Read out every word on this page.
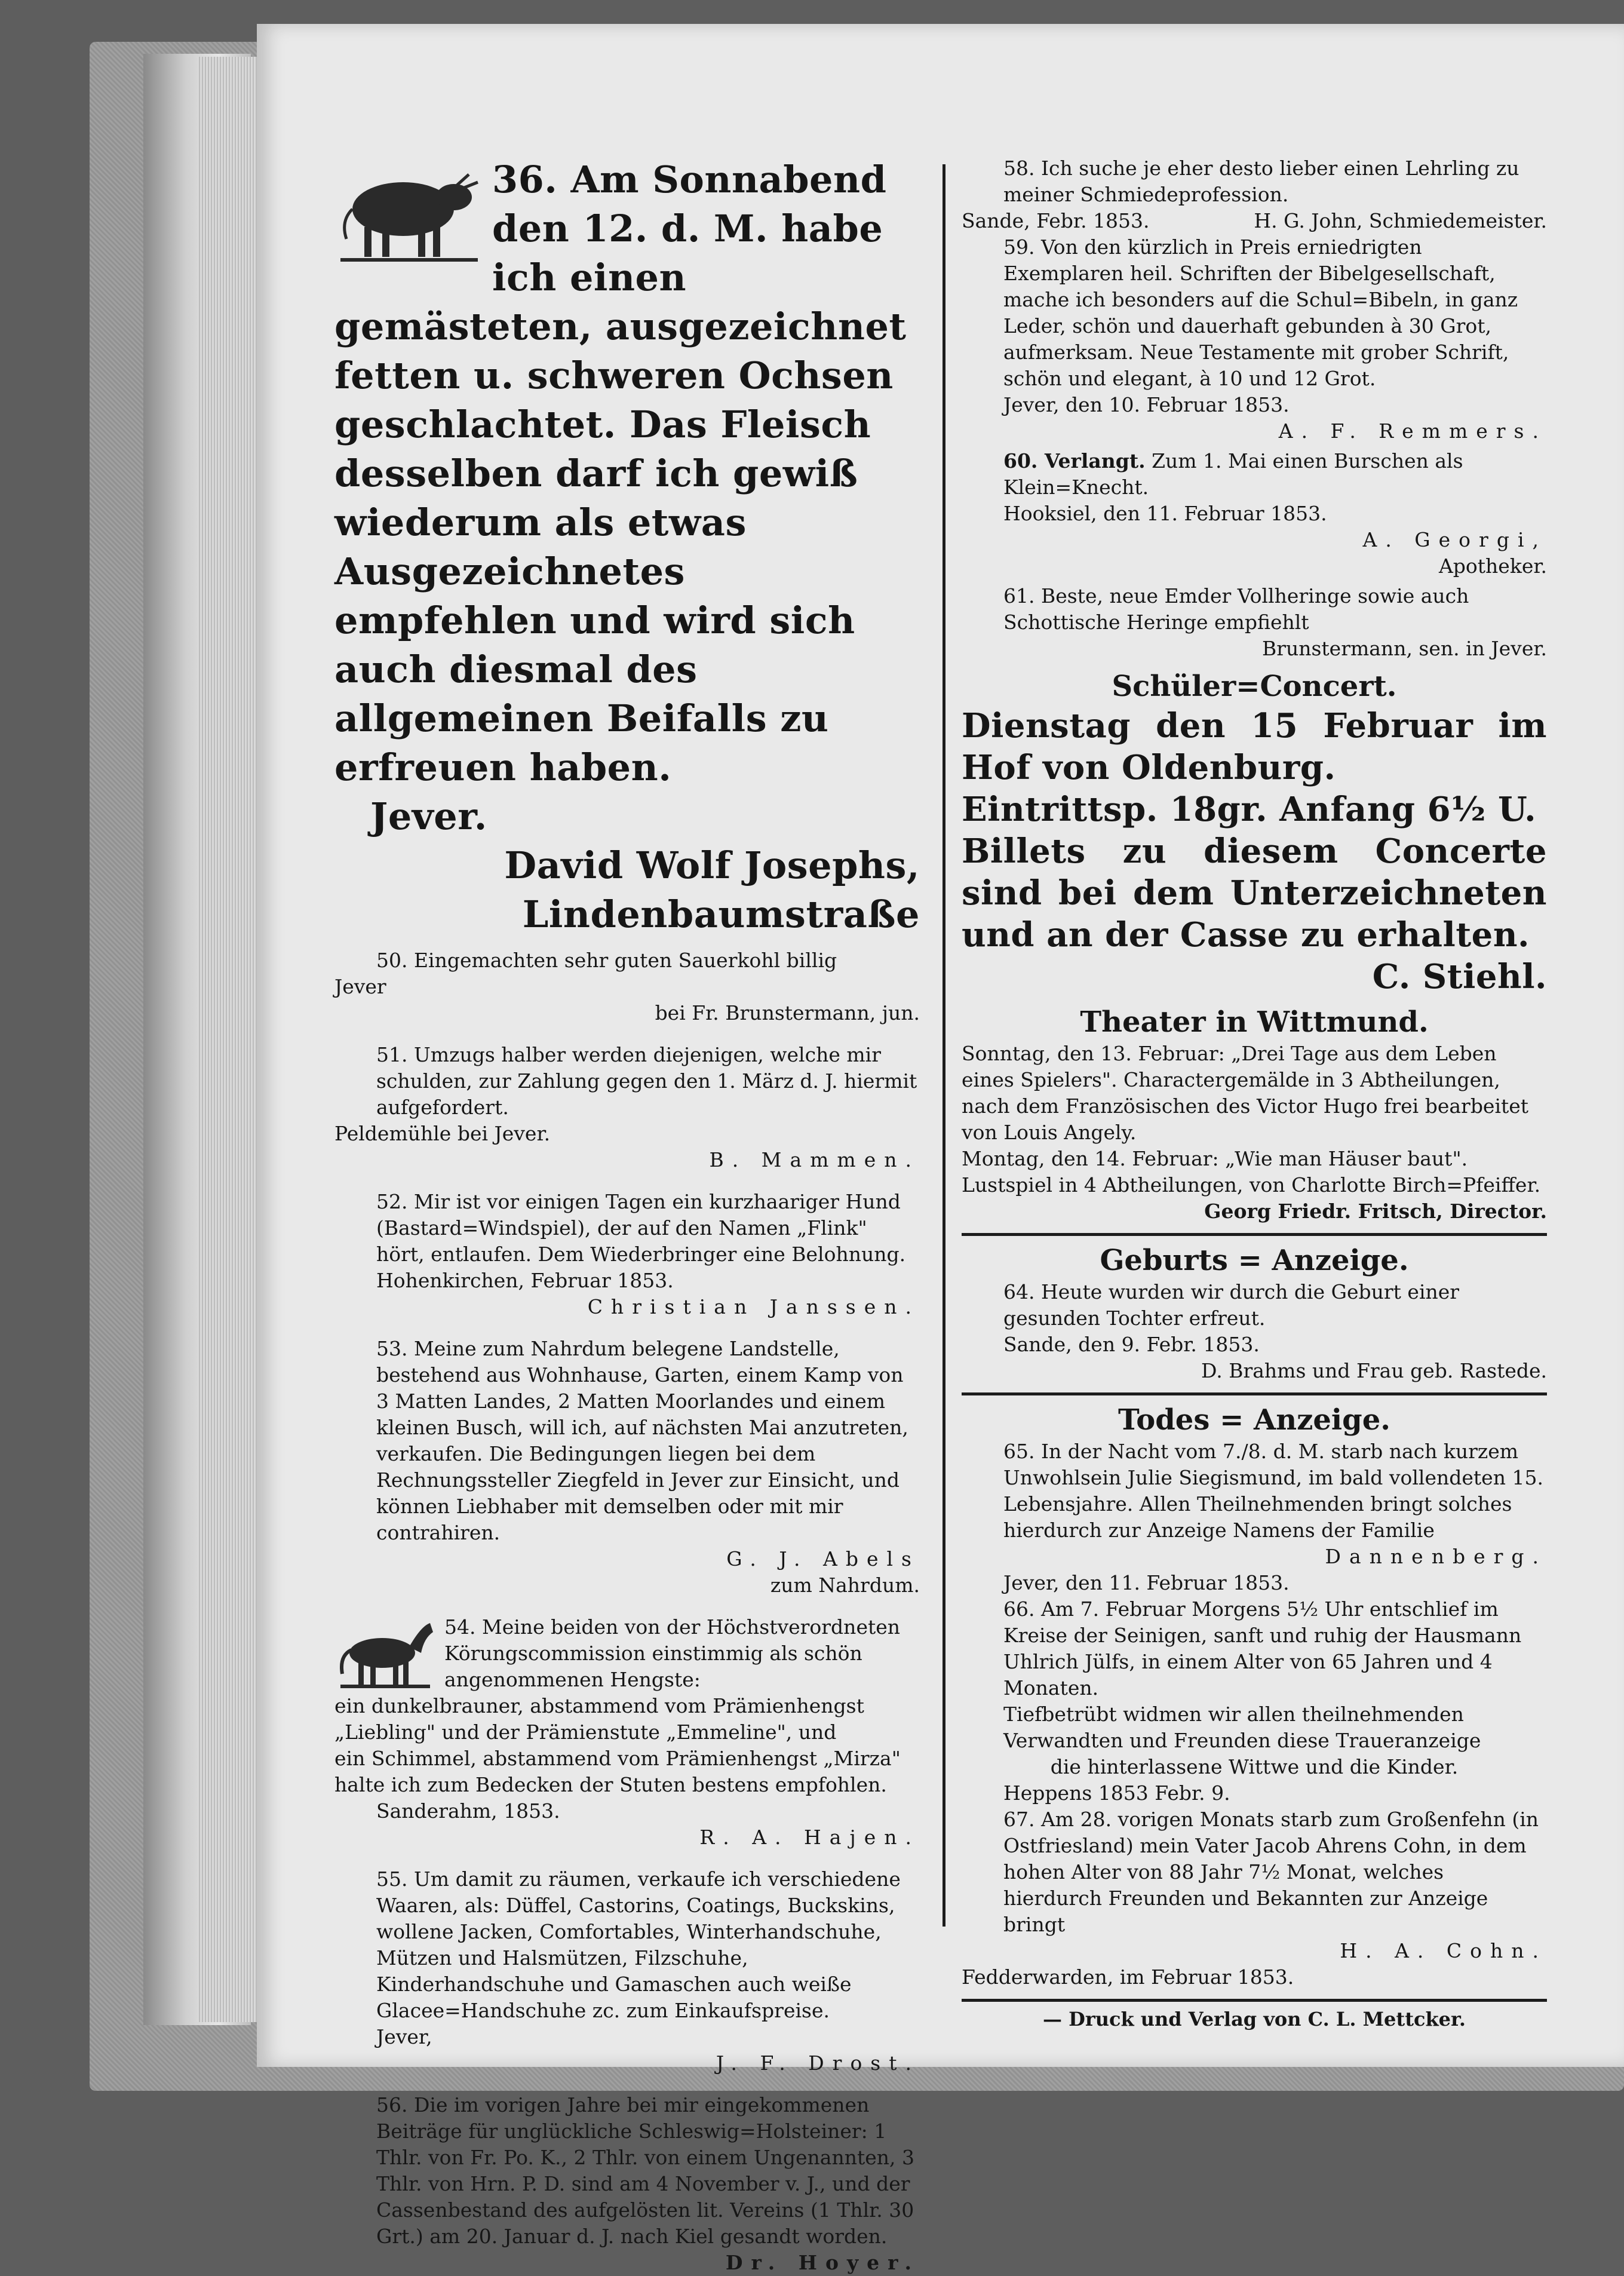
36. Am Sonnabend den 12. d. M. habe ich einen gemästeten, ausgezeichnet fetten u. schweren Ochsen geschlachtet. Das Fleisch desselben darf ich gewiß wiederum als etwas Ausgezeichnetes empfehlen und wird sich auch diesmal des allgemeinen Beifalls zu erfreuen haben.

Jever.

David Wolf Josephs,

Lindenbaumstraße

50. Eingemachten sehr guten Sauerkohl billig

Jever

bei Fr. Brunstermann, jun.

51. Umzugs halber werden diejenigen, welche mir schulden, zur Zahlung gegen den 1. März d. J. hiermit aufgefordert.

Peldemühle bei Jever.

B. Mammen.

52. Mir ist vor einigen Tagen ein kurzhaariger Hund (Bastard=Windspiel), der auf den Namen „Flink" hört, entlaufen. Dem Wiederbringer eine Belohnung.

Hohenkirchen, Februar 1853.

Christian Janssen.

53. Meine zum Nahrdum belegene Landstelle, bestehend aus Wohnhause, Garten, einem Kamp von 3 Matten Landes, 2 Matten Moorlandes und einem kleinen Busch, will ich, auf nächsten Mai anzutreten, verkaufen. Die Bedingungen liegen bei dem Rechnungssteller Ziegfeld in Jever zur Einsicht, und können Liebhaber mit demselben oder mit mir contrahiren.

G. J. Abels

zum Nahrdum.

54. Meine beiden von der Höchstverordneten Körungscommission einstimmig als schön angenommenen Hengste:

ein dunkelbrauner, abstammend vom Prämienhengst „Liebling" und der Prämienstute „Emmeline", und

ein Schimmel, abstammend vom Prämienhengst „Mirza"

halte ich zum Bedecken der Stuten bestens empfohlen.

Sanderahm, 1853.

R. A. Hajen.

55. Um damit zu räumen, verkaufe ich verschiedene Waaren, als: Düffel, Castorins, Coatings, Buckskins, wollene Jacken, Comfortables, Winterhandschuhe, Mützen und Halsmützen, Filzschuhe, Kinderhandschuhe und Gamaschen auch weiße Glacee=Handschuhe zc. zum Einkaufspreise.

Jever,

J. F. Drost.

56. Die im vorigen Jahre bei mir eingekommenen Beiträge für unglückliche Schleswig=Holsteiner: 1 Thlr. von Fr. Po. K., 2 Thlr. von einem Ungenannten, 3 Thlr. von Hrn. P. D. sind am 4 November v. J., und der Cassenbestand des aufgelösten lit. Vereins (1 Thlr. 30 Grt.) am 20. Januar d. J. nach Kiel gesandt worden.

Dr. Hoyer.

58. Ich suche je eher desto lieber einen Lehrling zu meiner Schmiedeprofession.

Sande, Febr. 1853.	H. G. John, Schmiedemeister.

59. Von den kürzlich in Preis erniedrigten Exemplaren heil. Schriften der Bibelgesellschaft, mache ich besonders auf die Schul=Bibeln, in ganz Leder, schön und dauerhaft gebunden à 30 Grot, aufmerksam. Neue Testamente mit grober Schrift, schön und elegant, à 10 und 12 Grot.

Jever, den 10. Februar 1853.

A. F. Remmers.

60. Verlangt. Zum 1. Mai einen Burschen als Klein=Knecht.

Hooksiel, den 11. Februar 1853.

A. Georgi,

Apotheker.

61. Beste, neue Emder Vollheringe sowie auch Schottische Heringe empfiehlt

Brunstermann, sen. in Jever.

Schüler=Concert.

Dienstag den 15 Februar im Hof von Oldenburg.

Eintrittsp. 18gr. Anfang 6½ U.

Billets zu diesem Concerte sind bei dem Unterzeichneten und an der Casse zu erhalten.

C. Stiehl.

Theater in Wittmund.

Sonntag, den 13. Februar: „Drei Tage aus dem Leben eines Spielers". Charactergemälde in 3 Abtheilungen, nach dem Französischen des Victor Hugo frei bearbeitet von Louis Angely.

Montag, den 14. Februar: „Wie man Häuser baut". Lustspiel in 4 Abtheilungen, von Charlotte Birch=Pfeiffer.

Georg Friedr. Fritsch, Director.

Geburts = Anzeige.

64. Heute wurden wir durch die Geburt einer gesunden Tochter erfreut.

Sande, den 9. Febr. 1853.

D. Brahms und Frau geb. Rastede.

Todes = Anzeige.

65. In der Nacht vom 7./8. d. M. starb nach kurzem Unwohlsein Julie Siegismund, im bald vollendeten 15. Lebensjahre. Allen Theilnehmenden bringt solches hierdurch zur Anzeige Namens der Familie

Dannenberg.

Jever, den 11. Februar 1853.

66. Am 7. Februar Morgens 5½ Uhr entschlief im Kreise der Seinigen, sanft und ruhig der Hausmann Uhlrich Jülfs, in einem Alter von 65 Jahren und 4 Monaten.

Tiefbetrübt widmen wir allen theilnehmenden Verwandten und Freunden diese Traueranzeige

die hinterlassene Wittwe und die Kinder.

Heppens 1853 Febr. 9.

67. Am 28. vorigen Monats starb zum Großenfehn (in Ostfriesland) mein Vater Jacob Ahrens Cohn, in dem hohen Alter von 88 Jahr 7½ Monat, welches hierdurch Freunden und Bekannten zur Anzeige bringt

H. A. Cohn.

Fedderwarden, im Februar 1853.

— Druck und Verlag von C. L. Mettcker.
